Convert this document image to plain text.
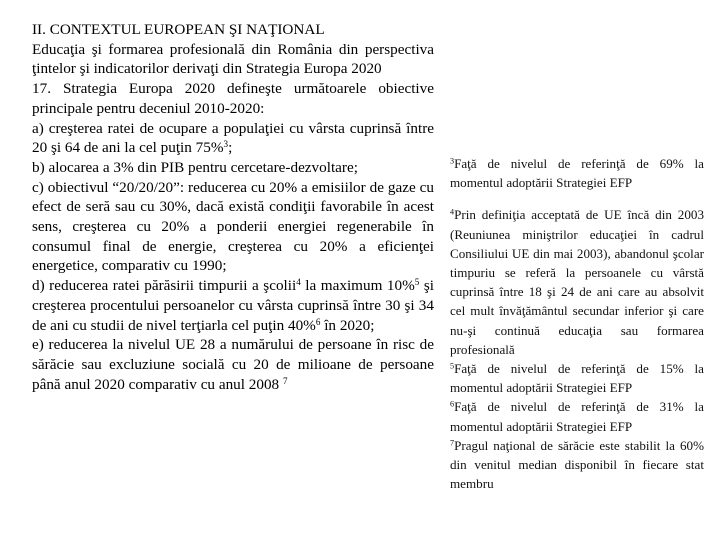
II. CONTEXTUL EUROPEAN ŞI NAŢIONAL

Educaţia şi formarea profesională din România din perspectiva ţintelor şi indicatorilor derivaţi din Strategia Europa 2020

17. Strategia Europa 2020 defineşte următoarele obiective principale pentru deceniul 2010-2020:

a) creşterea ratei de ocupare a populaţiei cu vârsta cuprinsă între 20 şi 64 de ani la cel puţin 75%$^3$;

b) alocarea a 3% din PIB pentru cercetare-dezvoltare;

c) obiectivul “20/20/20”: reducerea cu 20% a emisiilor de gaze cu efect de seră sau cu 30%, dacă există condiţii favorabile în acest sens, creşterea cu 20% a ponderii energiei regenerabile în consumul final de energie, creşterea cu 20% a eficienţei energetice, comparativ cu 1990;

d) reducerea ratei părăsirii timpurii a şcolii$^4$ la maximum 10%$^5$ şi creşterea procentului persoanelor cu vârsta cuprinsă între 30 şi 34 de ani cu studii de nivel terţiarla cel puţin 40%$^6$ în 2020;

e) reducerea la nivelul UE 28 a numărului de persoane în risc de sărăcie sau excluziune socială cu 20 de milioane de persoane până anul 2020 comparativ cu anul 2008 $^7$

$^3$Faţă de nivelul de referinţă de 69% la momentul adoptării Strategiei EFP

$^4$Prin definiţia acceptată de UE încă din 2003 (Reuniunea miniştrilor educaţiei în cadrul Consiliului UE din mai 2003), abandonul şcolar timpuriu se referă la persoanele cu vârstă cuprinsă între 18 şi 24 de ani care au absolvit cel mult învăţământul secundar inferior şi care nu-şi continuă educaţia sau formarea profesională

$^5$Faţă de nivelul de referinţă de 15% la momentul adoptării Strategiei EFP

$^6$Faţă de nivelul de referinţă de 31% la momentul adoptării Strategiei EFP

$^7$Pragul naţional de sărăcie este stabilit la 60% din venitul median disponibil în fiecare stat membru
